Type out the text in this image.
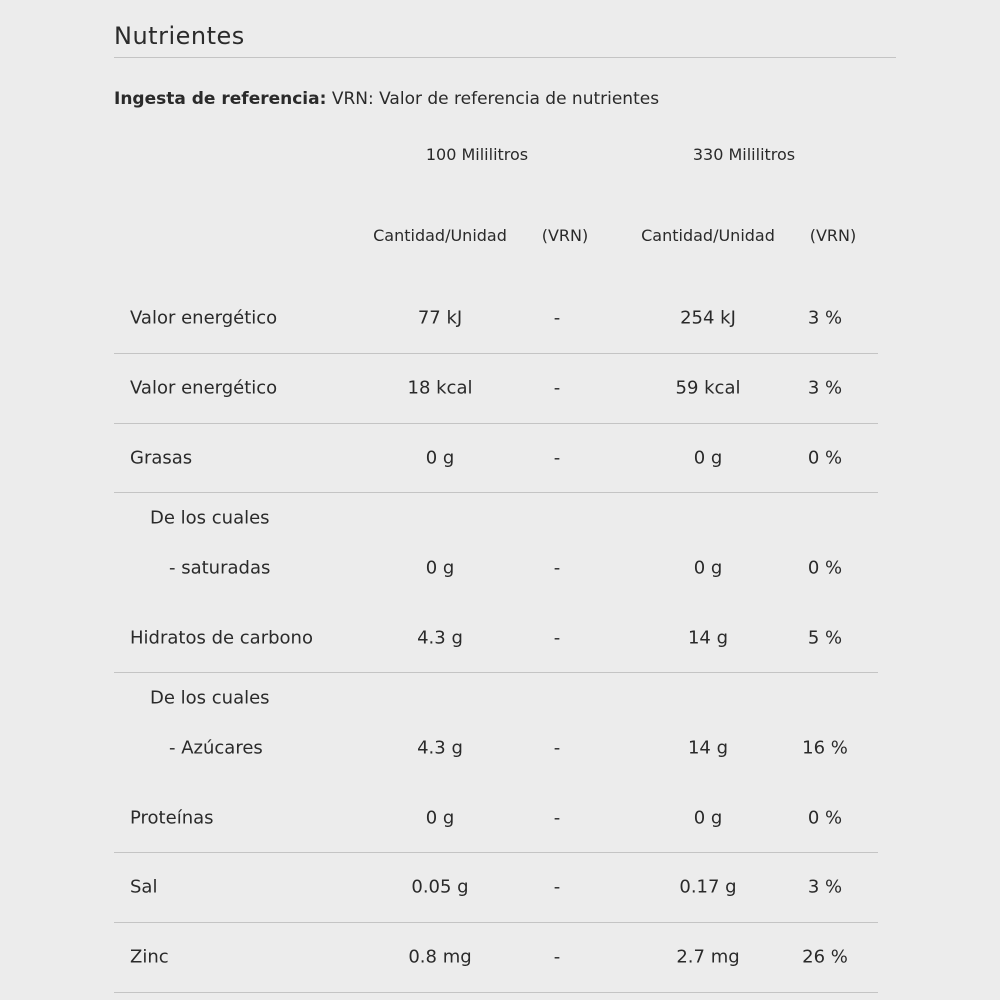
Nutrientes
Ingesta de referencia: VRN: Valor de referencia de nutrientes
100 Mililitros	330 Mililitros
Cantidad/Unidad (VRN)	Cantidad/Unidad (VRN)
Valor energético	77 kJ	-	254 kJ	3 %
Valor energético	18 kcal	-	59 kcal	3 %
Grasas	0 g	-	0 g	0 %
De los cuales
- saturadas	0 g	-	0 g	0 %
Hidratos de carbono	4.3 g	-	14 g	5 %
De los cuales
- Azúcares	4.3 g	-	14 g	16 %
Proteínas	0 g	-	0 g	0 %
Sal	0.05 g	-	0.17 g	3 %
Zinc	0.8 mg	-	2.7 mg	26 %
